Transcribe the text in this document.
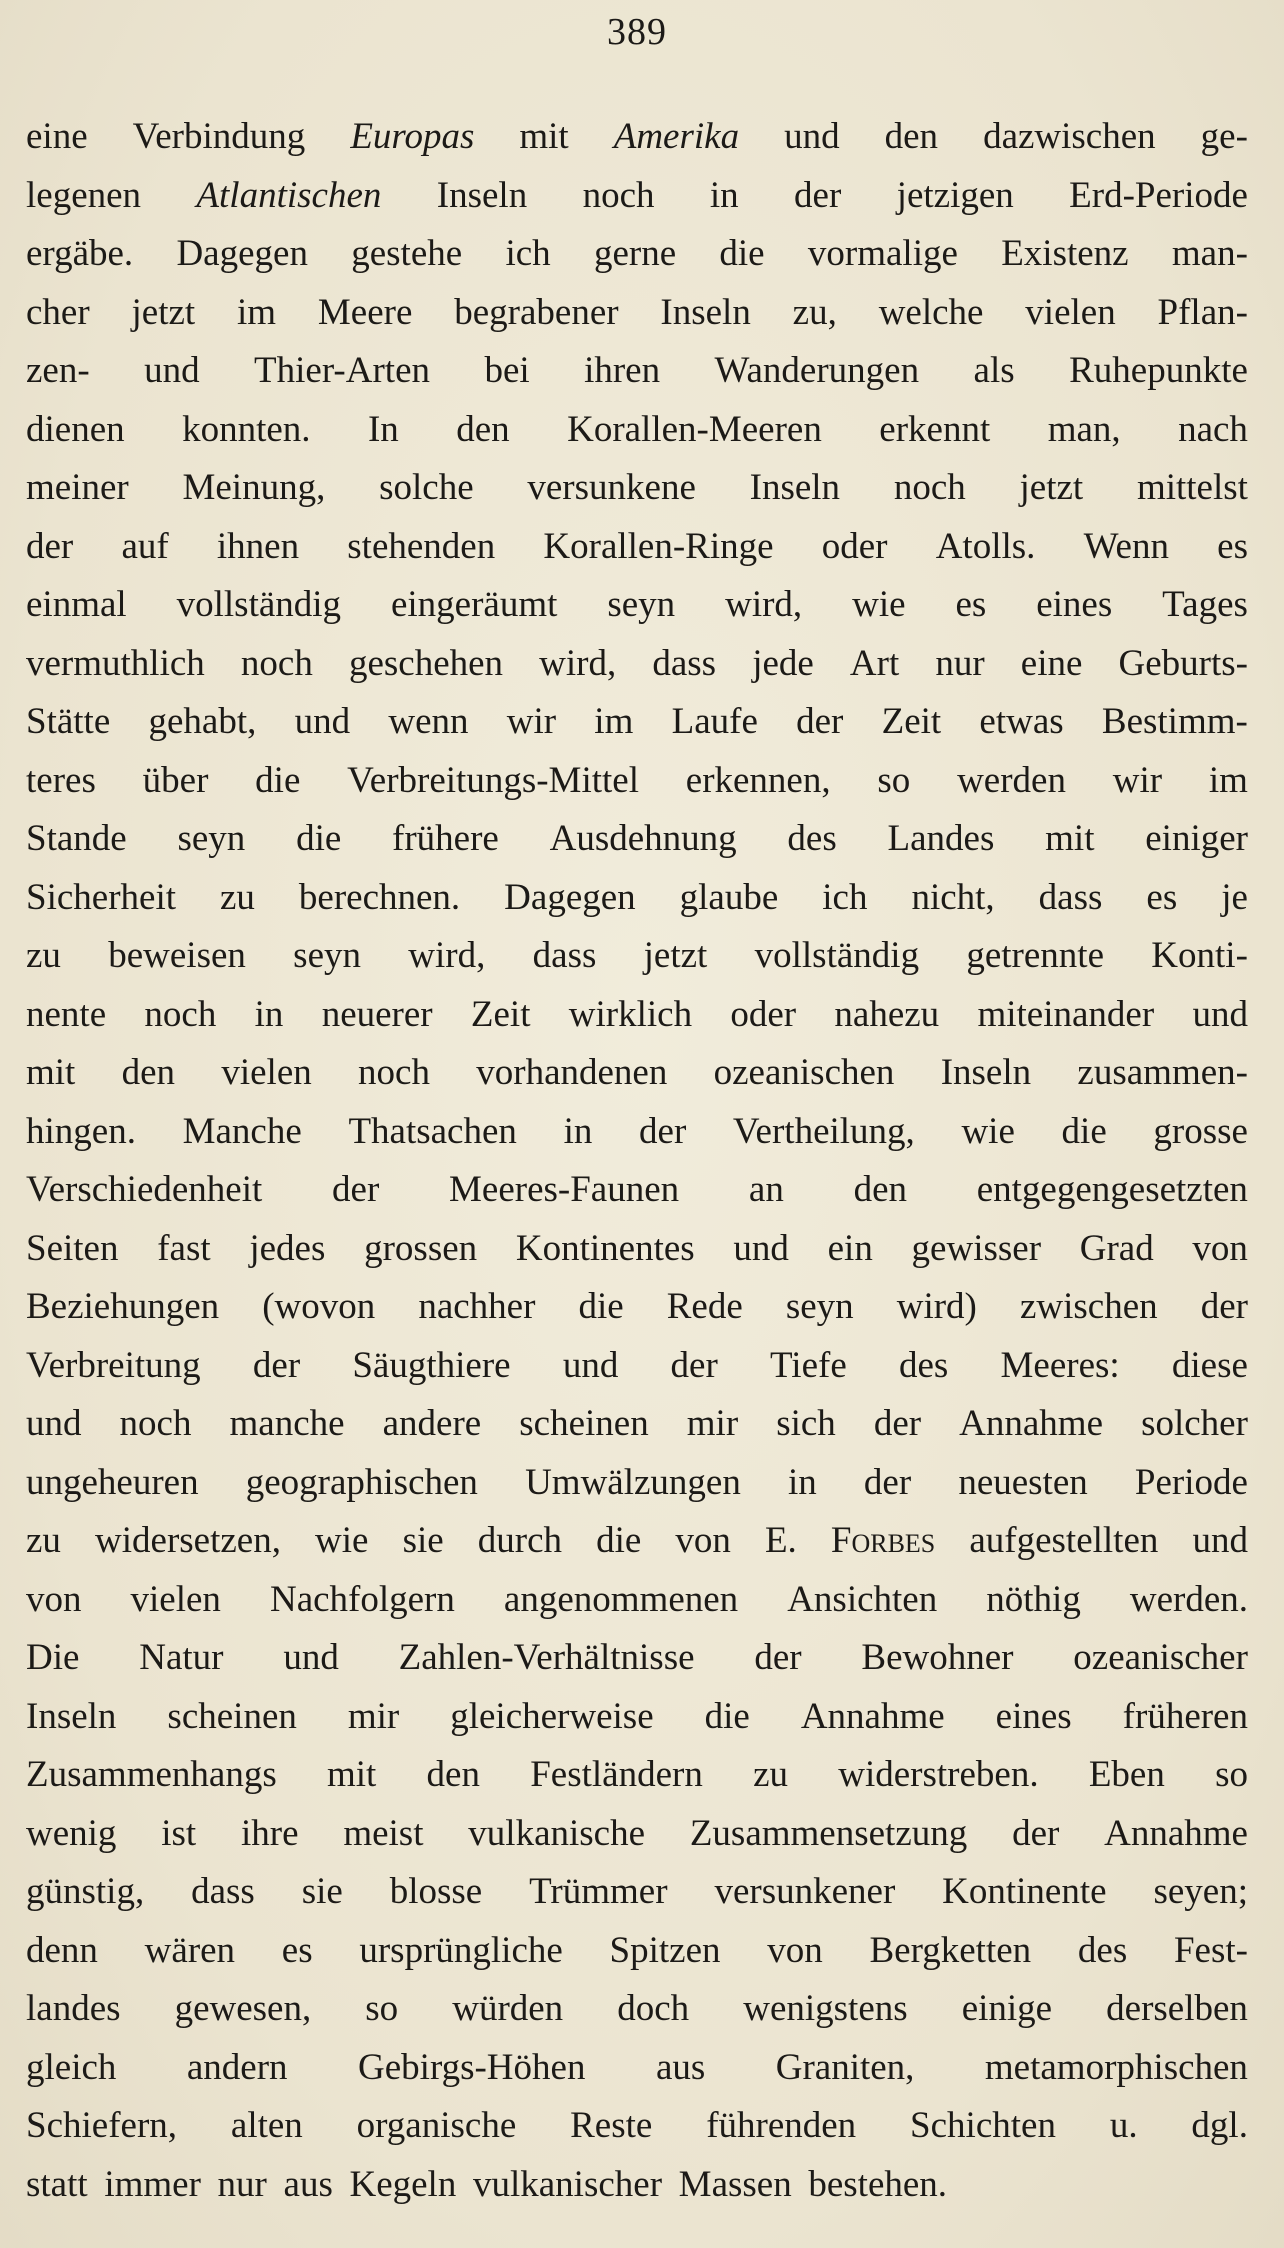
389
eine Verbindung Europas mit Amerika und den dazwischen ge-
legenen Atlantischen Inseln noch in der jetzigen Erd-Periode
ergäbe. Dagegen gestehe ich gerne die vormalige Existenz man-
cher jetzt im Meere begrabener Inseln zu, welche vielen Pflan-
zen- und Thier-Arten bei ihren Wanderungen als Ruhepunkte
dienen konnten. In den Korallen-Meeren erkennt man, nach
meiner Meinung, solche versunkene Inseln noch jetzt mittelst
der auf ihnen stehenden Korallen-Ringe oder Atolls. Wenn es
einmal vollständig eingeräumt seyn wird, wie es eines Tages
vermuthlich noch geschehen wird, dass jede Art nur eine Geburts-
Stätte gehabt, und wenn wir im Laufe der Zeit etwas Bestimm-
teres über die Verbreitungs-Mittel erkennen, so werden wir im
Stande seyn die frühere Ausdehnung des Landes mit einiger
Sicherheit zu berechnen. Dagegen glaube ich nicht, dass es je
zu beweisen seyn wird, dass jetzt vollständig getrennte Konti-
nente noch in neuerer Zeit wirklich oder nahezu miteinander und
mit den vielen noch vorhandenen ozeanischen Inseln zusammen-
hingen. Manche Thatsachen in der Vertheilung, wie die grosse
Verschiedenheit der Meeres-Faunen an den entgegengesetzten
Seiten fast jedes grossen Kontinentes und ein gewisser Grad von
Beziehungen (wovon nachher die Rede seyn wird) zwischen der
Verbreitung der Säugthiere und der Tiefe des Meeres: diese
und noch manche andere scheinen mir sich der Annahme solcher
ungeheuren geographischen Umwälzungen in der neuesten Periode
zu widersetzen, wie sie durch die von E. Forbes aufgestellten und
von vielen Nachfolgern angenommenen Ansichten nöthig werden.
Die Natur und Zahlen-Verhältnisse der Bewohner ozeanischer
Inseln scheinen mir gleicherweise die Annahme eines früheren
Zusammenhangs mit den Festländern zu widerstreben. Eben so
wenig ist ihre meist vulkanische Zusammensetzung der Annahme
günstig, dass sie blosse Trümmer versunkener Kontinente seyen;
denn wären es ursprüngliche Spitzen von Bergketten des Fest-
landes gewesen, so würden doch wenigstens einige derselben
gleich andern Gebirgs-Höhen aus Graniten, metamorphischen
Schiefern, alten organische Reste führenden Schichten u. dgl.
statt immer nur aus Kegeln vulkanischer Massen bestehen.
